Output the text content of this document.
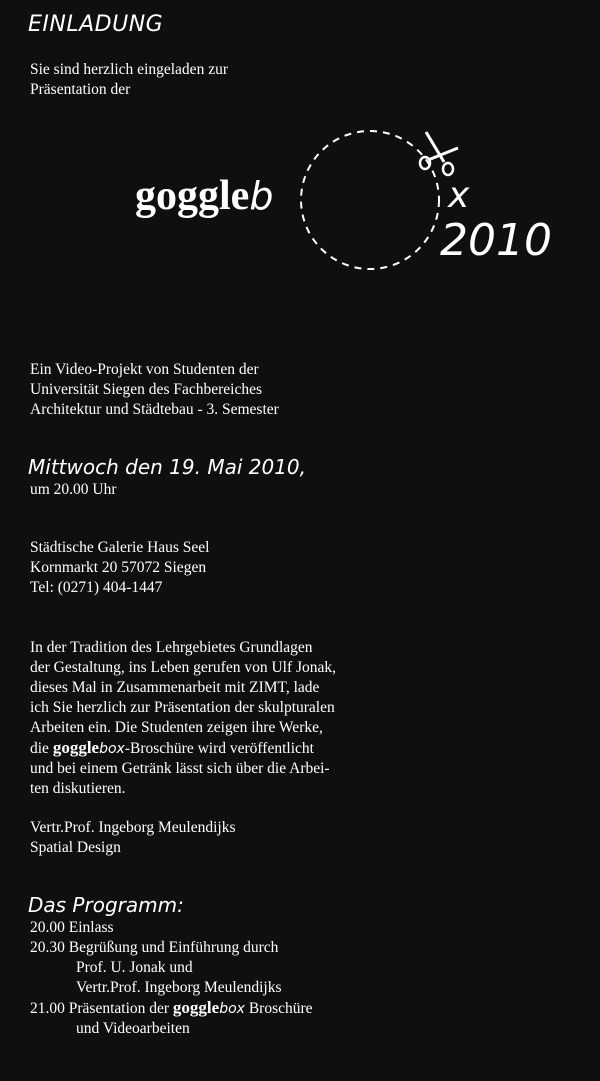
EINLADUNG
Sie sind herzlich eingeladen zur
Präsentation der
goggleb	x
2010
Ein Video-Projekt von Studenten der
Universität Siegen des Fachbereiches
Architektur und Städtebau - 3. Semester
Mittwoch den 19. Mai 2010,
um 20.00 Uhr
Städtische Galerie Haus Seel
Kornmarkt 20 57072 Siegen
Tel: (0271) 404-1447
In der Tradition des Lehrgebietes Grundlagen
der Gestaltung, ins Leben gerufen von Ulf Jonak,
dieses Mal in Zusammenarbeit mit ZIMT, lade
ich Sie herzlich zur Präsentation der skulpturalen
Arbeiten ein. Die Studenten zeigen ihre Werke,
die gogglebox-Broschüre wird veröffentlicht
und bei einem Getränk lässt sich über die Arbei-
ten diskutieren.
Vertr.Prof. Ingeborg Meulendijks
Spatial Design
Das Programm:
20.00 Einlass
20.30 Begrüßung und Einführung durch
Prof. U. Jonak und
Vertr.Prof. Ingeborg Meulendijks
21.00 Präsentation der gogglebox Broschüre
und Videoarbeiten
